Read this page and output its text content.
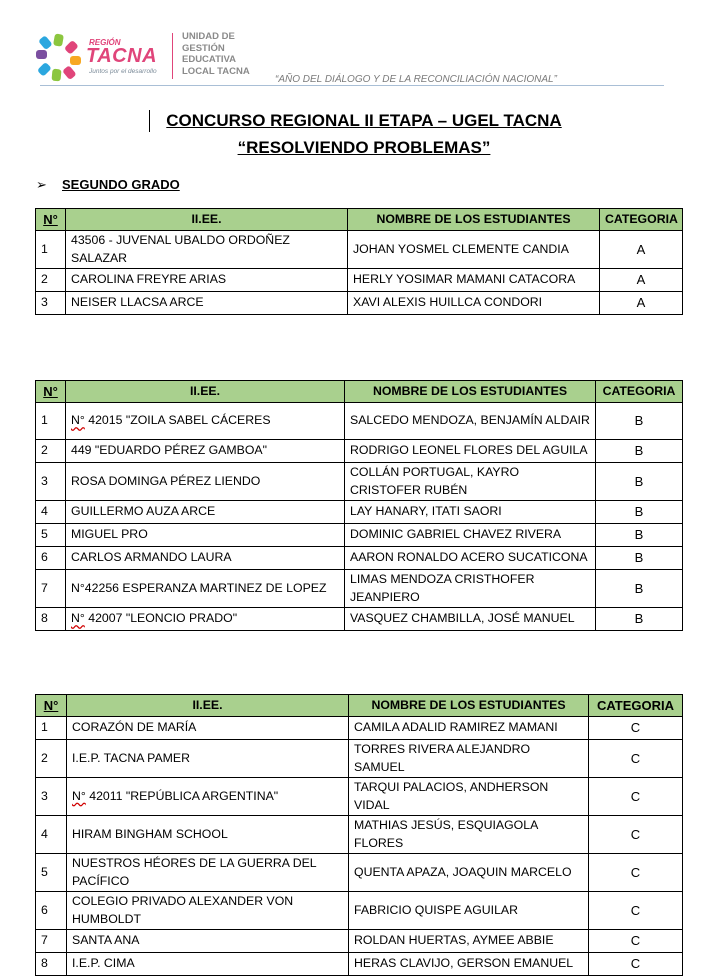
REGIÓN
TACNA
Juntos por el desarrollo
UNIDAD DE
GESTIÓN
EDUCATIVA
LOCAL TACNA
“AÑO DEL DIÁLOGO Y DE LA RECONCILIACIÓN NACIONAL”
CONCURSO REGIONAL II ETAPA – UGEL TACNA
“RESOLVIENDO PROBLEMAS”
➢ SEGUNDO GRADO
N°	II.EE.	NOMBRE DE LOS ESTUDIANTES	CATEGORIA
1	43506 - JUVENAL UBALDO ORDOÑEZ SALAZAR	JOHAN YOSMEL CLEMENTE CANDIA	A
2	CAROLINA FREYRE ARIAS	HERLY YOSIMAR MAMANI CATACORA	A
3	NEISER LLACSA ARCE	XAVI ALEXIS HUILLCA CONDORI	A
N°	II.EE.	NOMBRE DE LOS ESTUDIANTES	CATEGORIA
1	N° 42015 "ZOILA SABEL CÁCERES	SALCEDO MENDOZA, BENJAMÍN ALDAIR	B
2	449 "EDUARDO PÉREZ GAMBOA"	RODRIGO LEONEL FLORES DEL AGUILA	B
3	ROSA DOMINGA PÉREZ LIENDO	COLLÁN PORTUGAL, KAYRO CRISTOFER RUBÉN	B
4	GUILLERMO AUZA ARCE	LAY HANARY, ITATI SAORI	B
5	MIGUEL PRO	DOMINIC GABRIEL CHAVEZ RIVERA	B
6	CARLOS ARMANDO LAURA	AARON RONALDO ACERO SUCATICONA	B
7	N°42256 ESPERANZA MARTINEZ DE LOPEZ	LIMAS MENDOZA CRISTHOFER JEANPIERO	B
8	N° 42007 "LEONCIO PRADO"	VASQUEZ CHAMBILLA, JOSÉ MANUEL	B
N°	II.EE.	NOMBRE DE LOS ESTUDIANTES	CATEGORIA
1	CORAZÓN DE MARÍA	CAMILA ADALID RAMIREZ MAMANI	C
2	I.E.P. TACNA PAMER	TORRES RIVERA ALEJANDRO SAMUEL	C
3	N° 42011 "REPÚBLICA ARGENTINA"	TARQUI PALACIOS, ANDHERSON VIDAL	C
4	HIRAM BINGHAM SCHOOL	MATHIAS JESÚS, ESQUIAGOLA FLORES	C
5	NUESTROS HÉORES DE LA GUERRA DEL PACÍFICO	QUENTA APAZA, JOAQUIN MARCELO	C
6	COLEGIO PRIVADO ALEXANDER VON HUMBOLDT	FABRICIO QUISPE AGUILAR	C
7	SANTA ANA	ROLDAN HUERTAS, AYMEE ABBIE	C
8	I.E.P. CIMA	HERAS CLAVIJO, GERSON EMANUEL	C
